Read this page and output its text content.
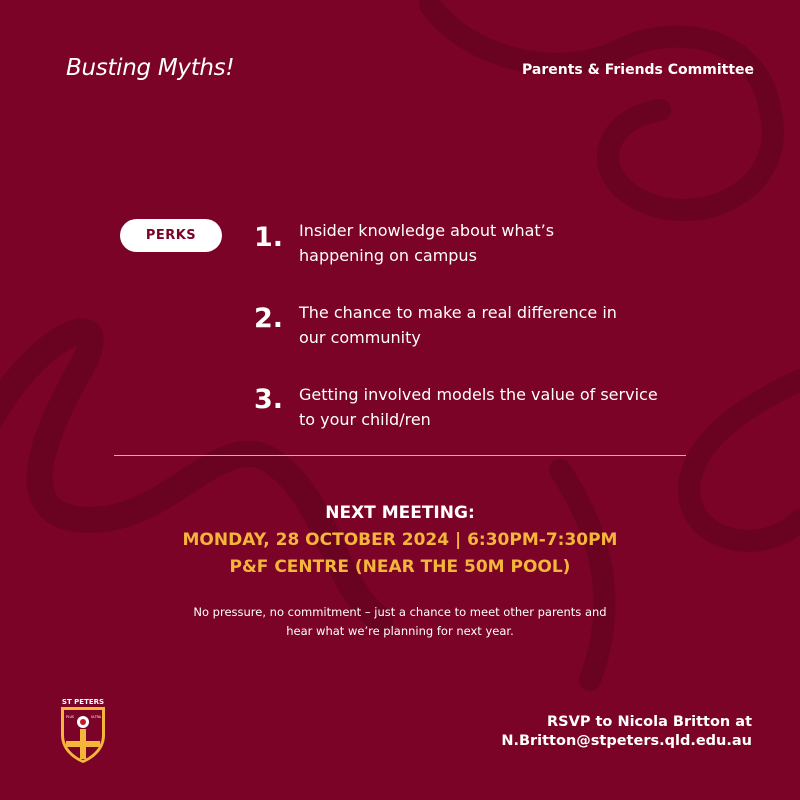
Busting Myths!	Parents & Friends Committee
PERKS	1. Insider knowledge about what’s
happening on campus
2. The chance to make a real difference in
our community
3. Getting involved models the value of service
to your child/ren
NEXT MEETING:
MONDAY, 28 OCTOBER 2024 | 6:30PM-7:30PM
P&F CENTRE (NEAR THE 50M POOL)
No pressure, no commitment – just a chance to meet other parents and
hear what we’re planning for next year.
ST PETERS
PLUS	ULTRA	RSVP to Nicola Britton at
N.Britton@stpeters.qld.edu.au
